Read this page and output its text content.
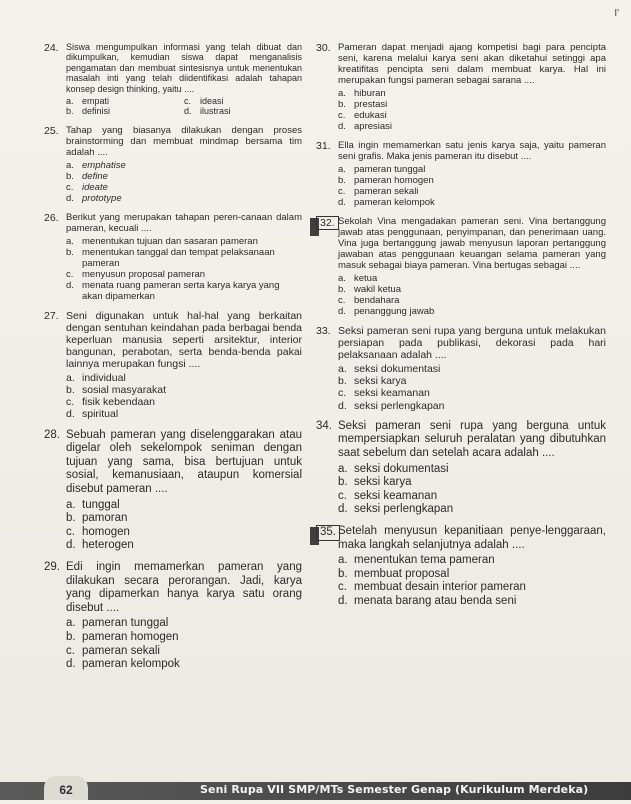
I'
24. Siswa mengumpulkan informasi yang telah dibuat dan dikumpulkan, kemudian siswa dapat menganalisis pengamatan dan membuat sintesisnya untuk menentukan masalah inti yang telah diidentifikasi adalah tahapan konsep design thinking, yaitu ....
a. empati	c. ideasi
b. definisi	d. ilustrasi
25. Tahap yang biasanya dilakukan dengan proses brainstorming dan membuat mindmap bersama tim adalah ....
a. emphatise
b. define
c. ideate
d. prototype
26. Berikut yang merupakan tahapan peren-canaan dalam pameran, kecuali ....
a. menentukan tujuan dan sasaran pameran
b. menentukan tanggal dan tempat pelaksanaan pameran
c. menyusun proposal pameran
d. menata ruang pameran serta karya karya yang akan dipamerkan
27. Seni digunakan untuk hal-hal yang berkaitan dengan sentuhan keindahan pada berbagai benda keperluan manusia seperti arsitektur, interior bangunan, perabotan, serta benda-benda pakai lainnya merupakan fungsi ....
a. individual
b. sosial masyarakat
c. fisik kebendaan
d. spiritual
28. Sebuah pameran yang diselenggarakan atau digelar oleh sekelompok seniman dengan tujuan yang sama, bisa bertujuan untuk sosial, kemanusiaan, ataupun komersial disebut pameran ....
a. tunggal
b. pamoran
c. homogen
d. heterogen
29. Edi ingin memamerkan pameran yang dilakukan secara perorangan. Jadi, karya yang dipamerkan hanya karya satu orang disebut ....
a. pameran tunggal
b. pameran homogen
c. pameran sekali
d. pameran kelompok
30. Pameran dapat menjadi ajang kompetisi bagi para pencipta seni, karena melalui karya seni akan diketahui setinggi apa kreatifitas pencipta seni dalam membuat karya. Hal ini merupakan fungsi pameran sebagai sarana ....
a. hiburan
b. prestasi
c. edukasi
d. apresiasi
31. Ella ingin memamerkan satu jenis karya saja, yaitu pameran seni grafis. Maka jenis pameran itu disebut ....
a. pameran tunggal
b. pameran homogen
c. pameran sekali
d. pameran kelompok
32. Sekolah Vina mengadakan pameran seni. Vina bertanggung jawab atas penggunaan, penyimpanan, dan penerimaan uang. Vina juga bertanggung jawab menyusun laporan pertanggung jawaban atas penggunaan keuangan selama pameran yang masuk sebagai biaya pameran. Vina bertugas sebagai ....
a. ketua
b. wakil ketua
c. bendahara
d. penanggung jawab
33. Seksi pameran seni rupa yang berguna untuk melakukan persiapan pada publikasi, dekorasi pada hari pelaksanaan adalah ....
a. seksi dokumentasi
b. seksi karya
c. seksi keamanan
d. seksi perlengkapan
34. Seksi pameran seni rupa yang berguna untuk mempersiapkan seluruh peralatan yang dibutuhkan saat sebelum dan setelah acara adalah ....
a. seksi dokumentasi
b. seksi karya
c. seksi keamanan
d. seksi perlengkapan
35. Setelah menyusun kepanitiaan penye-lenggaraan, maka langkah selanjutnya adalah ....
a. menentukan tema pameran
b. membuat proposal
c. membuat desain interior pameran
d. menata barang atau benda seni
62	Seni Rupa VII SMP/MTs Semester Genap (Kurikulum Merdeka)
